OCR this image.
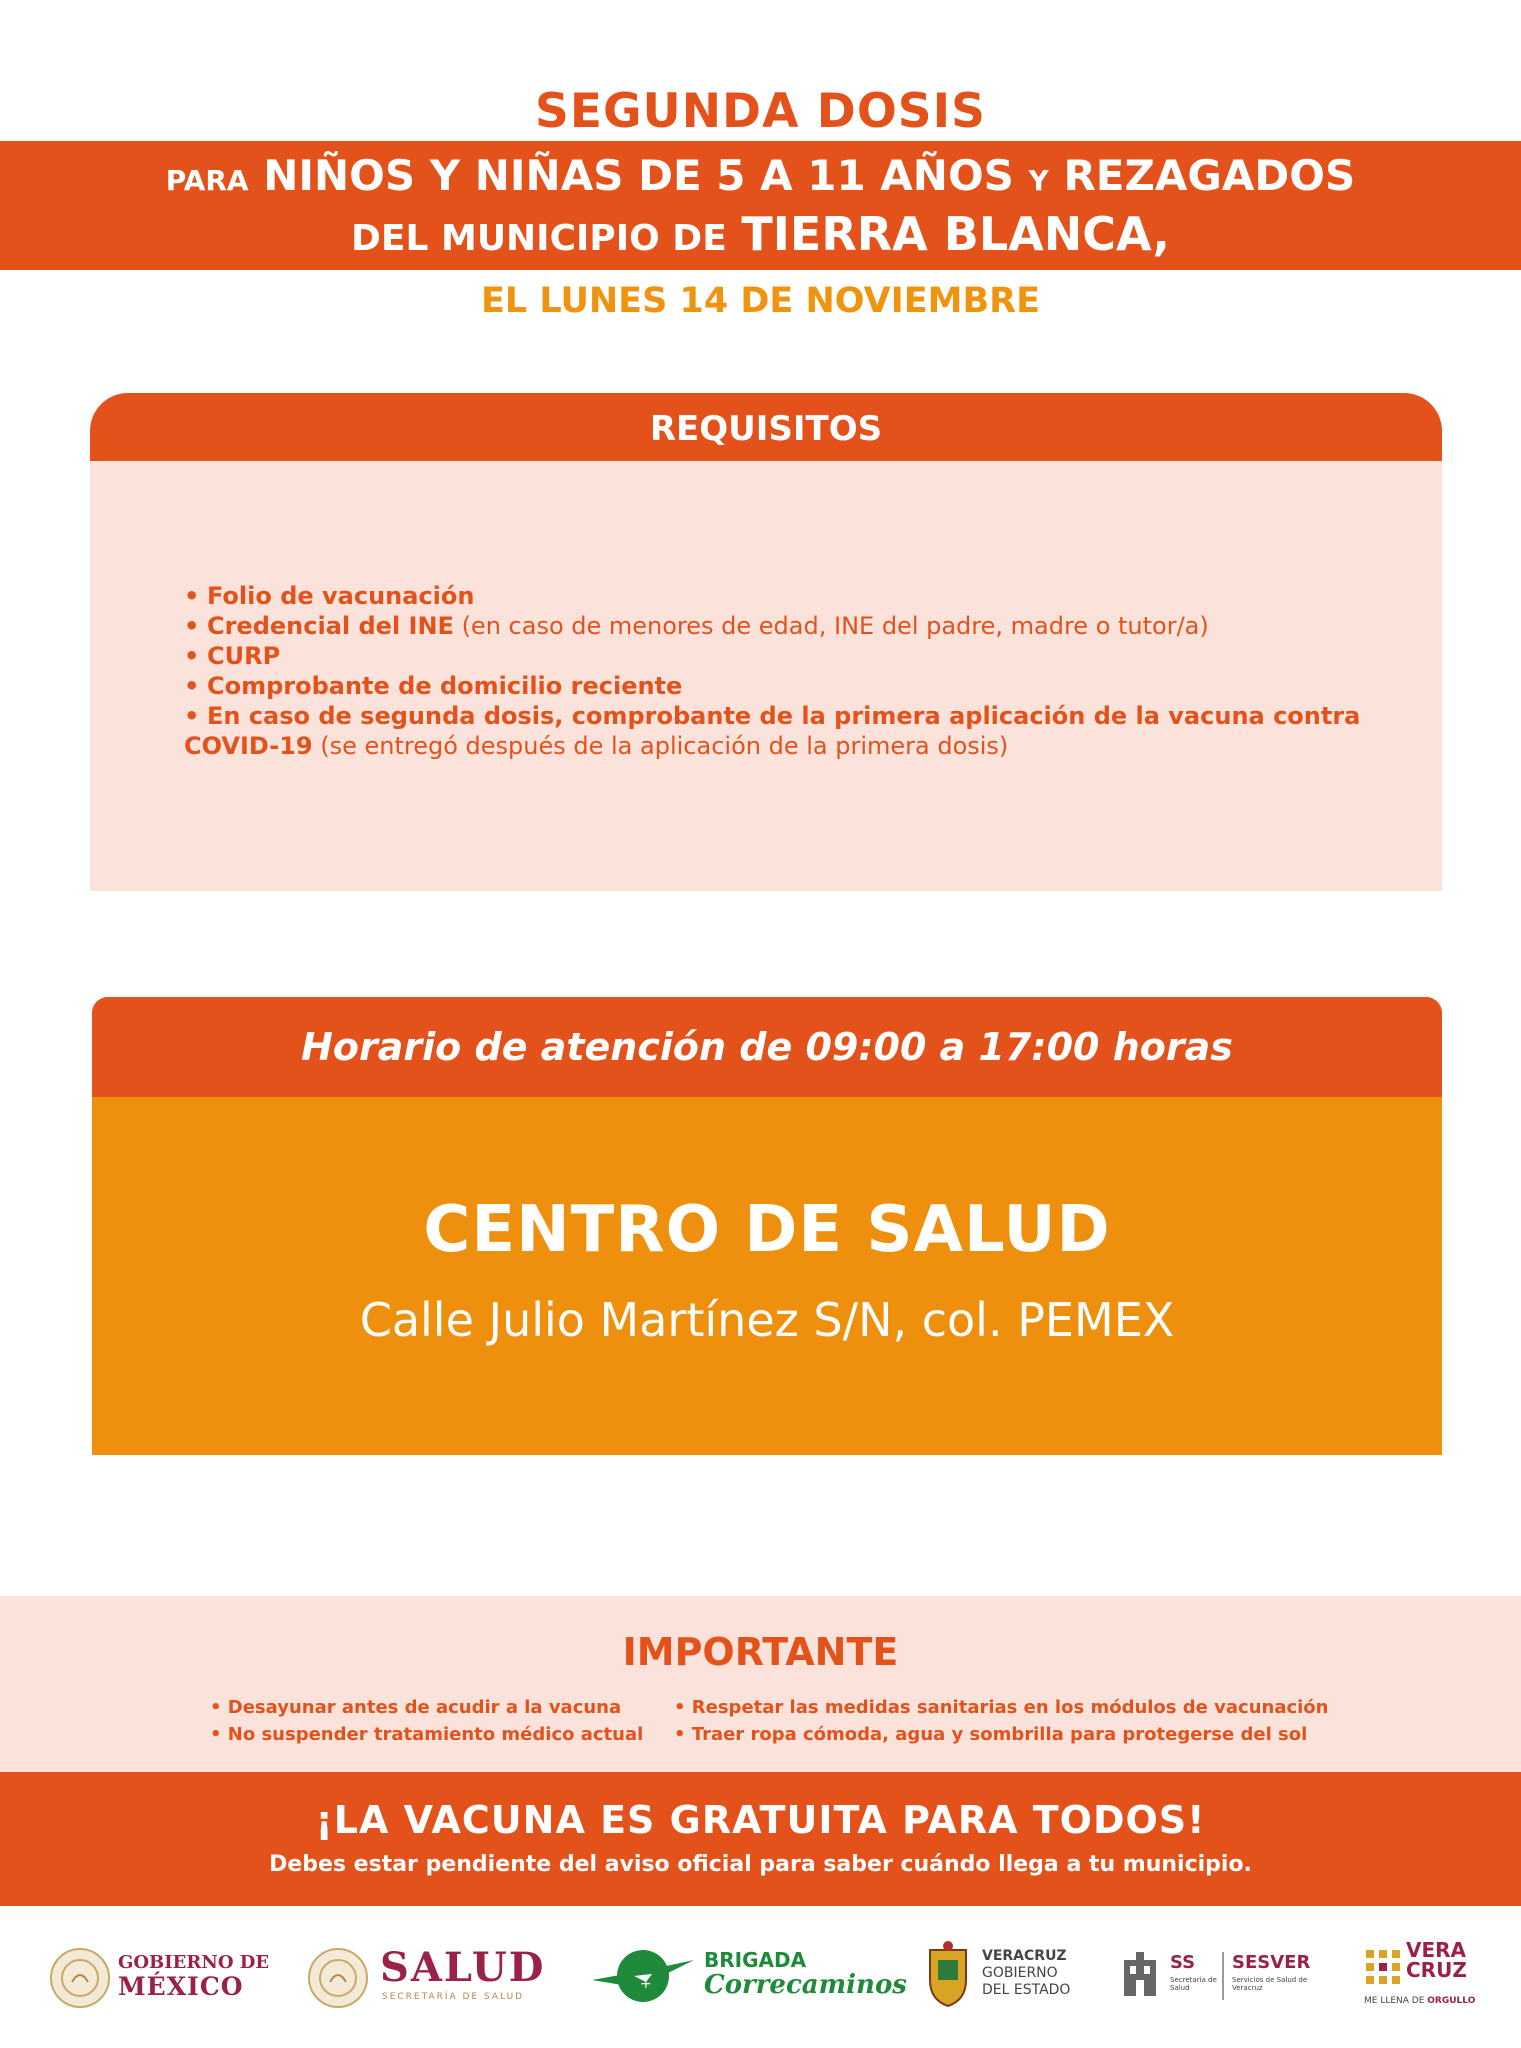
SEGUNDA DOSIS
PARA NIÑOS Y NIÑAS DE 5 A 11 AÑOS Y REZAGADOS
DEL MUNICIPIO DE TIERRA BLANCA,
EL LUNES 14 DE NOVIEMBRE
REQUISITOS
• Folio de vacunación
• Credencial del INE (en caso de menores de edad, INE del padre, madre o tutor/a)
• CURP
• Comprobante de domicilio reciente
• En caso de segunda dosis, comprobante de la primera aplicación de la vacuna contra
COVID-19 (se entregó después de la aplicación de la primera dosis)
Horario de atención de 09:00 a 17:00 horas
CENTRO DE SALUD
Calle Julio Martínez S/N, col. PEMEX
IMPORTANTE
• Desayunar antes de acudir a la vacuna
• No suspender tratamiento médico actual
• Respetar las medidas sanitarias en los módulos de vacunación
• Traer ropa cómoda, agua y sombrilla para protegerse del sol
¡LA VACUNA ES GRATUITA PARA TODOS!
Debes estar pendiente del aviso oficial para saber cuándo llega a tu municipio.
GOBIERNO DE
MÉXICO	SALUD
SECRETARÍA DE SALUD
+
BRIGADA
Correcaminos
VERACRUZ
GOBIERNO
DEL ESTADO
SS
Secretaría de Salud
SESVER
Servicios de Salud de Veracruz
VERA
CRUZ
ME LLENA DE ORGULLO
